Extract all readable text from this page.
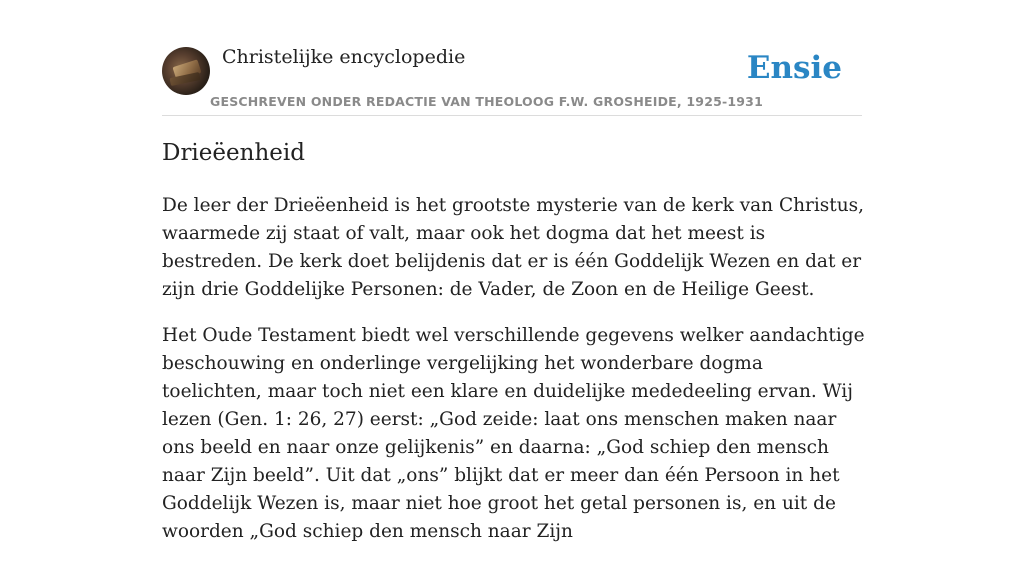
Christelijke encyclopedie
GESCHREVEN ONDER REDACTIE VAN THEOLOOG F.W. GROSHEIDE, 1925-1931
Ensie
Drieëenheid

De leer der Drieëenheid is het grootste mysterie van de kerk van Christus, waarmede zij staat of valt, maar ook het dogma dat het meest is bestreden. De kerk doet belijdenis dat er is één Goddelijk Wezen en dat er zijn drie Goddelijke Personen: de Vader, de Zoon en de Heilige Geest.

Het Oude Testament biedt wel verschillende gegevens welker aandachtige beschouwing en onderlinge vergelijking het wonderbare dogma toelichten, maar toch niet een klare en duidelijke mededeeling ervan. Wij lezen (Gen. 1: 26, 27) eerst: „God zeide: laat ons menschen maken naar ons beeld en naar onze gelijkenis” en daarna: „God schiep den mensch naar Zijn beeld”. Uit dat „ons” blijkt dat er meer dan één Persoon in het Goddelijk Wezen is, maar niet hoe groot het getal personen is, en uit de woorden „God schiep den mensch naar Zijn
